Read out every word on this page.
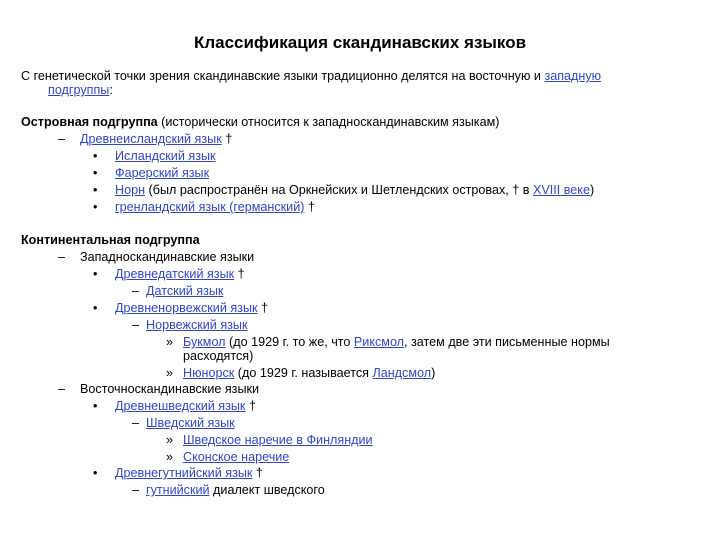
Классификация скандинавских языков
С генетической точки зрения скандинавские языки традиционно делятся на восточную и западную
подгруппы:
Островная подгруппа (исторически относится к западноскандинавским языкам)
– Древнеисландский язык †
• Исландский язык
• Фарерский язык
• Норн (был распространён на Оркнейских и Шетлендских островах, † в XVIII веке)
• гренландский язык (германский) †
Континентальная подгруппа
– Западноскандинавские языки
• Древнедатский язык †
– Датский язык
• Древненорвежский язык †
– Норвежский язык
» Букмол (до 1929 г. то же, что Риксмол, затем две эти письменные нормы
расходятся)
» Нюнорск (до 1929 г. называется Ландсмол)
– Восточноскандинавские языки
• Древнешведский язык †
– Шведский язык
» Шведское наречие в Финляндии
» Сконское наречие
• Древнегутнийский язык †
– гутнийский диалект шведского
